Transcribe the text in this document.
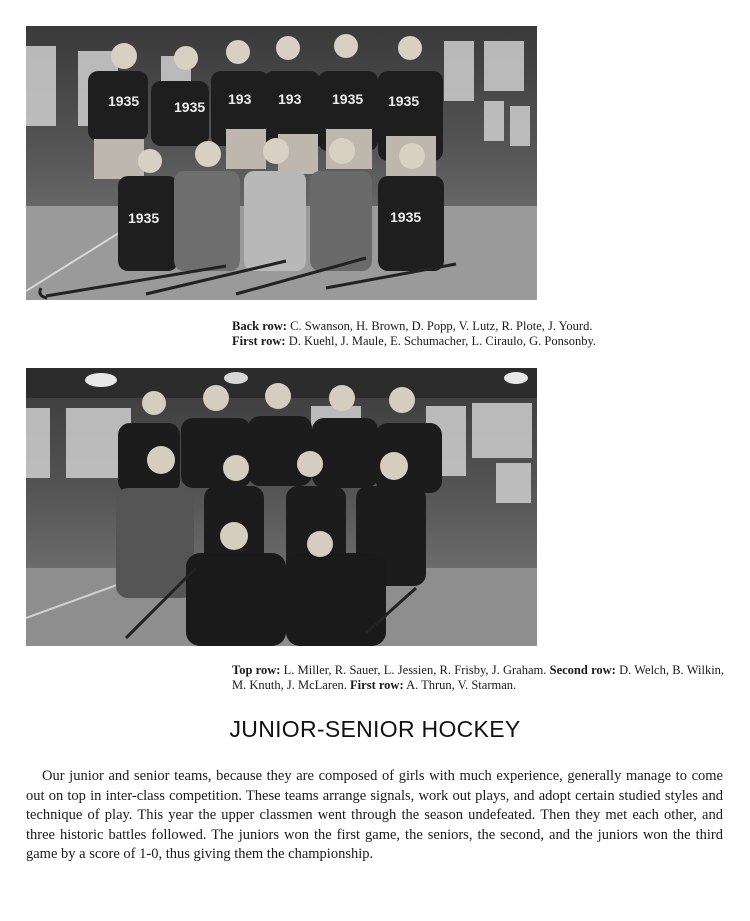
1935 1935 193 193 1935 1935
1935	1935
Back row: C. Swanson, H. Brown, D. Popp, V. Lutz, R. Plote, J. Yourd.
First row: D. Kuehl, J. Maule, E. Schumacher, L. Ciraulo, G. Ponsonby.
Top row: L. Miller, R. Sauer, L. Jessien, R. Frisby, J. Graham. Second row: D. Welch, B. Wilkin, M. Knuth, J. McLaren. First row: A. Thrun, V. Starman.
JUNIOR-SENIOR HOCKEY

Our junior and senior teams, because they are composed of girls with much experience, generally manage to come out on top in inter-class competition. These teams arrange signals, work out plays, and adopt certain studied styles and technique of play. This year the upper classmen went through the season undefeated. Then they met each other, and three historic battles followed. The juniors won the first game, the seniors, the second, and the juniors won the third game by a score of 1-0, thus giving them the championship.
